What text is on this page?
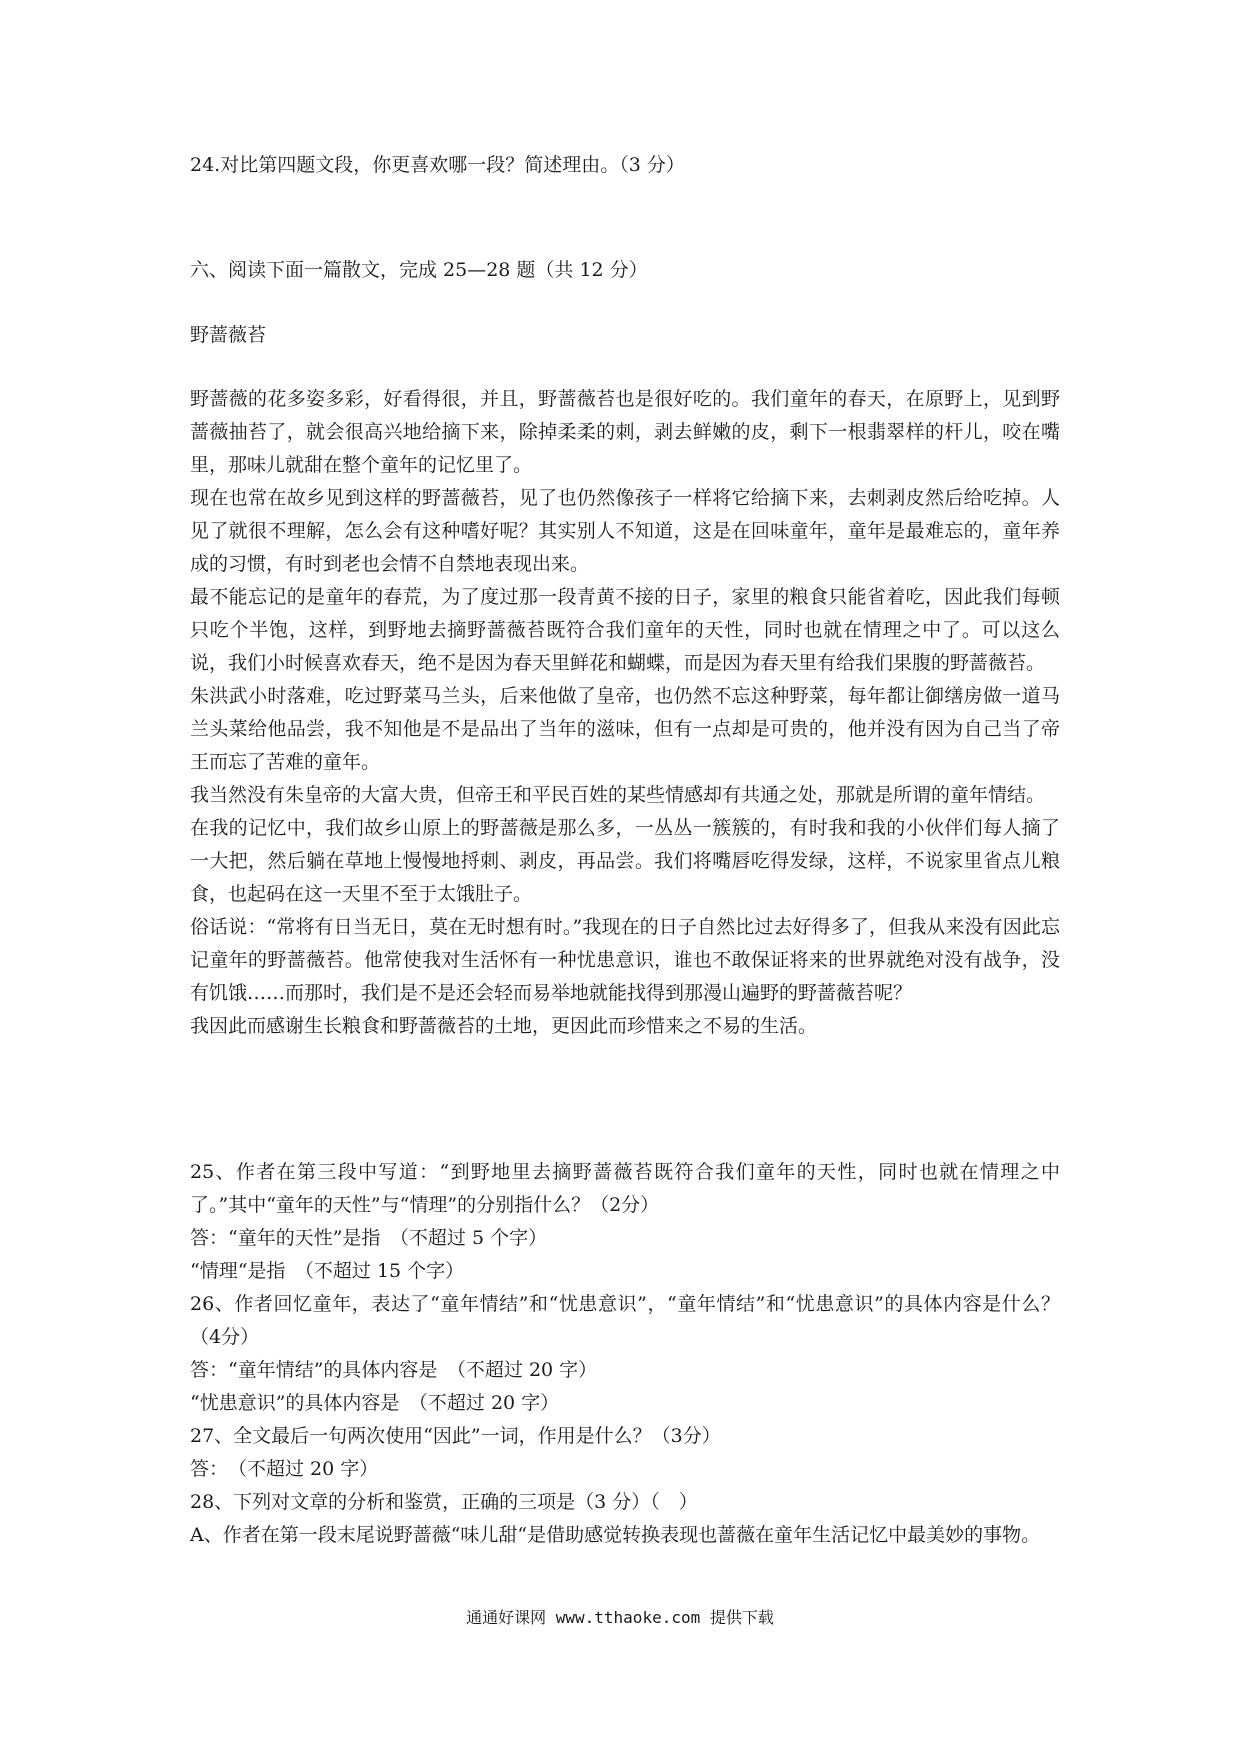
24.对比第四题文段，你更喜欢哪一段？简述理由。（3 分）
六、阅读下面一篇散文，完成 25—28 题（共 12 分）
野蔷薇苔

野蔷薇的花多姿多彩，好看得很，并且，野蔷薇苔也是很好吃的。我们童年的春天，在原野上，见到野蔷薇抽苔了，就会很高兴地给摘下来，除掉柔柔的刺，剥去鲜嫩的皮，剩下一根翡翠样的杆儿，咬在嘴里，那味儿就甜在整个童年的记忆里了。

现在也常在故乡见到这样的野蔷薇苔，见了也仍然像孩子一样将它给摘下来，去刺剥皮然后给吃掉。人见了就很不理解，怎么会有这种嗜好呢？其实别人不知道，这是在回味童年，童年是最难忘的，童年养成的习惯，有时到老也会情不自禁地表现出来。

最不能忘记的是童年的春荒，为了度过那一段青黄不接的日子，家里的粮食只能省着吃，因此我们每顿只吃个半饱，这样，到野地去摘野蔷薇苔既符合我们童年的天性，同时也就在情理之中了。可以这么说，我们小时候喜欢春天，绝不是因为春天里鲜花和蝴蝶，而是因为春天里有给我们果腹的野蔷薇苔。

朱洪武小时落难，吃过野菜马兰头，后来他做了皇帝，也仍然不忘这种野菜，每年都让御缮房做一道马兰头菜给他品尝，我不知他是不是品出了当年的滋味，但有一点却是可贵的，他并没有因为自己当了帝王而忘了苦难的童年。

我当然没有朱皇帝的大富大贵，但帝王和平民百姓的某些情感却有共通之处，那就是所谓的童年情结。

在我的记忆中，我们故乡山原上的野蔷薇是那么多，一丛丛一簇簇的，有时我和我的小伙伴们每人摘了一大把，然后躺在草地上慢慢地捋刺、剥皮，再品尝。我们将嘴唇吃得发绿，这样，不说家里省点儿粮食，也起码在这一天里不至于太饿肚子。

俗话说：“常将有日当无日，莫在无时想有时。”我现在的日子自然比过去好得多了，但我从来没有因此忘记童年的野蔷薇苔。他常使我对生活怀有一种忧患意识，谁也不敢保证将来的世界就绝对没有战争，没有饥饿……而那时，我们是不是还会轻而易举地就能找得到那漫山遍野的野蔷薇苔呢？

我因此而感谢生长粮食和野蔷薇苔的土地，更因此而珍惜来之不易的生活。

25、作者在第三段中写道：“到野地里去摘野蔷薇苔既符合我们童年的天性，同时也就在情理之中了。”其中“童年的天性”与“情理”的分别指什么？（2分）

答：“童年的天性”是指　（不超过 5 个字）

“情理“是指　（不超过 15 个字）

26、作者回忆童年，表达了“童年情结”和“忧患意识”，“童年情结”和“忧患意识”的具体内容是什么？（4分）

答：“童年情结”的具体内容是　（不超过 20 字）

“忧患意识”的具体内容是　（不超过 20 字）

27、全文最后一句两次使用“因此”一词，作用是什么？（3分）

答：　（不超过 20 字）

28、下列对文章的分析和鉴赏，正确的三项是（3 分）（　）

A、作者在第一段末尾说野蔷薇“味儿甜“是借助感觉转换表现也蔷薇在童年生活记忆中最美妙的事物。

通通好课网 www.tthaoke.com 提供下载
